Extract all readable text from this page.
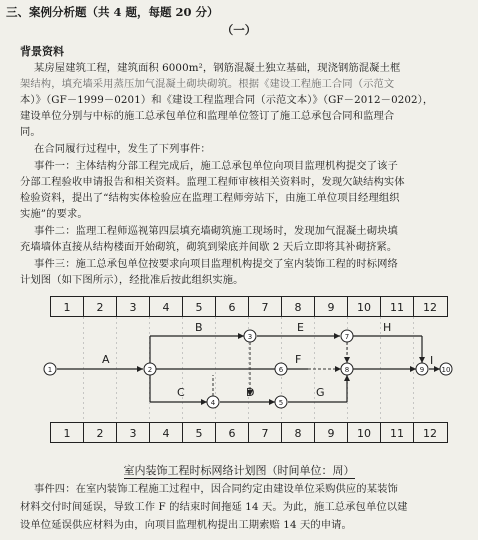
三、案例分析题（共 4 题，每题 20 分）
（一）
背景资料
某房屋建筑工程，建筑面积 6000m²，钢筋混凝土独立基础，现浇钢筋混凝土框
架结构，填充墙采用蒸压加气混凝土砌块砌筑。根据《建设工程施工合同（示范文
本）》（GF－1999－0201）和《建设工程监理合同（示范文本）》（GF－2012－0202），
建设单位分别与中标的施工总承包单位和监理单位签订了施工总承包合同和监理合
同。
在合同履行过程中，发生了下列事件：
事件一：主体结构分部工程完成后，施工总承包单位向项目监理机构提交了该子
分部工程验收申请报告和相关资料。监理工程师审核相关资料时，发现欠缺结构实体
检验资料，提出了“结构实体检验应在监理工程师旁站下，由施工单位项目经理组织
实施”的要求。
事件二：监理工程师巡视第四层填充墙砌筑施工现场时，发现加气混凝土砌块填
充墙墙体直接从结构楼面开始砌筑，砌筑到梁底并间歇 2 天后立即将其补砌挤紧。
事件三：施工总承包单位按要求向项目监理机构提交了室内装饰工程的时标网络
计划图（如下图所示），经批准后按此组织实施。
1 2 3 4 5 6 7 8 9 10 11 12
1 2 3 4 5 6 7 8 9 10 11 12
1	2
3
4	5
6
7
8	9 10
A
B
C	D
E
F
G
H
I
室内装饰工程时标网络计划图（时间单位：周）
事件四：在室内装饰工程施工过程中，因合同约定由建设单位采购供应的某装饰
材料交付时间延误，导致工作 F 的结束时间拖延 14 天。为此，施工总承包单位以建
设单位延误供应材料为由，向项目监理机构提出工期索赔 14 天的申请。
